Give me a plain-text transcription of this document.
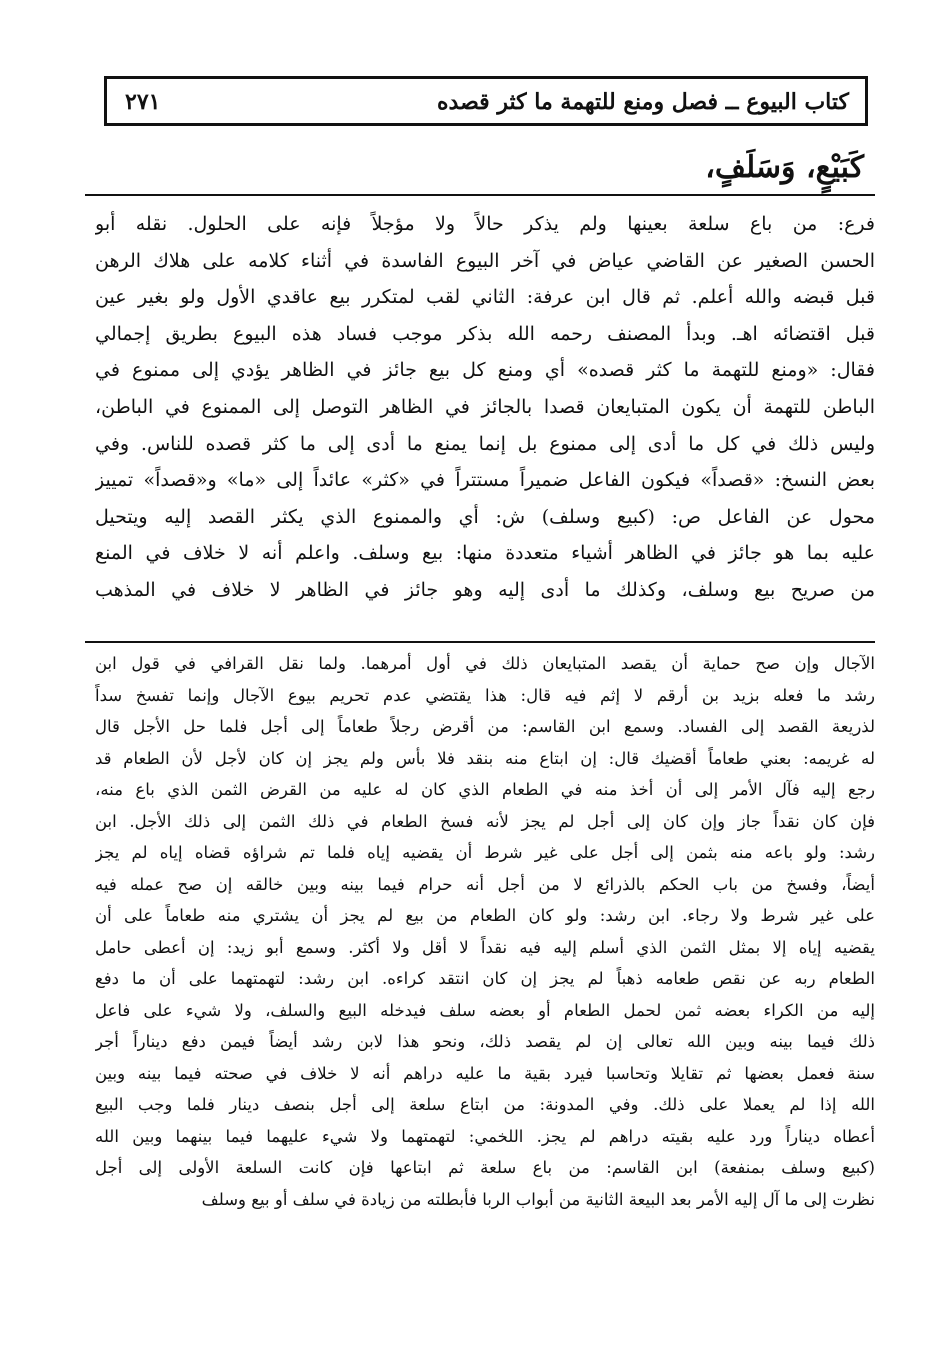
كتاب البيوع ــ فصل ومنع للتهمة ما كثر قصده
٢٧١
كَبَيْعٍ، وَسَلَفٍ،
فرع: من باع سلعة بعينها ولم يذكر حالاً ولا مؤجلاً فإنه على الحلول. نقله أبو
الحسن الصغير عن القاضي عياض في آخر البيوع الفاسدة في أثناء كلامه على هلاك الرهن
قبل قبضه والله أعلم. ثم قال ابن عرفة: الثاني لقب لمتكرر بيع عاقدي الأول ولو بغير عين
قبل اقتضائه اهـ. وبدأ المصنف رحمه الله بذكر موجب فساد هذه البيوع بطريق إجمالي
فقال: «ومنع للتهمة ما كثر قصده» أي ومنع كل بيع جائز في الظاهر يؤدي إلى ممنوع في
الباطن للتهمة أن يكون المتبايعان قصدا بالجائز في الظاهر التوصل إلى الممنوع في الباطن،
وليس ذلك في كل ما أدى إلى ممنوع بل إنما يمنع ما أدى إلى ما كثر قصده للناس. وفي
بعض النسخ: «قصداً» فيكون الفاعل ضميراً مستتراً في «كثر» عائداً إلى «ما» و«قصداً» تمييز
محول عن الفاعل ص: (كبيع وسلف) ش: أي والممنوع الذي يكثر القصد إليه ويتحيل
عليه بما هو جائز في الظاهر أشياء متعددة منها: بيع وسلف. واعلم أنه لا خلاف في المنع
من صريح بيع وسلف، وكذلك ما أدى إليه وهو جائز في الظاهر لا خلاف في المذهب
الآجال وإن صح حماية أن يقصد المتبايعان ذلك في أول أمرهما. ولما نقل القرافي في قول ابن
رشد ما فعله بزيد بن أرقم لا إثم فيه قال: هذا يقتضي عدم تحريم بيوع الآجال وإنما تفسخ سداً
لذريعة القصد إلى الفساد. وسمع ابن القاسم: من أقرض رجلاً طعاماً إلى أجل فلما حل الأجل قال
له غريمه: بعني طعاماً أقضيك قال: إن ابتاع منه بنقد فلا بأس ولم يجز إن كان لأجل لأن الطعام قد
رجع إليه فآل الأمر إلى أن أخذ منه في الطعام الذي كان له عليه من القرض الثمن الذي باع منه،
فإن كان نقداً جاز وإن كان إلى أجل لم يجز لأنه فسخ الطعام في ذلك الثمن إلى ذلك الأجل. ابن
رشد: ولو باعه منه بثمن إلى أجل على غير شرط أن يقضيه إياه فلما تم شراؤه قضاه إياه لم يجز
أيضاً، وفسخ من باب الحكم بالذرائع لا من أجل أنه حرام فيما بينه وبين خالقه إن صح عمله فيه
على غير شرط ولا رجاء. ابن رشد: ولو كان الطعام من بيع لم يجز أن يشتري منه طعاماً على أن
يقضيه إياه إلا بمثل الثمن الذي أسلم إليه فيه نقداً لا أقل ولا أكثر. وسمع أبو زيد: إن أعطى حامل
الطعام ربه عن نقص طعامه ذهباً لم يجز إن كان انتقد كراءه. ابن رشد: لتهمتهما على أن ما دفع
إليه من الكراء بعضه ثمن لحمل الطعام أو بعضه سلف فيدخله البيع والسلف، ولا شيء على فاعل
ذلك فيما بينه وبين الله تعالى إن لم يقصد ذلك، ونحو هذا لابن رشد أيضاً فيمن دفع ديناراً أجر
سنة فعمل بعضها ثم تقايلا وتحاسبا فيرد بقية ما عليه دراهم أنه لا خلاف في صحته فيما بينه وبين
الله إذا لم يعملا على ذلك. وفي المدونة: من ابتاع سلعة إلى أجل بنصف دينار فلما وجب البيع
أعطاه ديناراً ورد عليه بقيته دراهم لم يجز. اللخمي: لتهمتهما ولا شيء عليهما فيما بينهما وبين الله
(كبيع وسلف بمنفعة) ابن القاسم: من باع سلعة ثم ابتاعها فإن كانت السلعة الأولى إلى أجل
نظرت إلى ما آل إليه الأمر بعد البيعة الثانية من أبواب الربا فأبطلته من زيادة في سلف أو بيع وسلف
